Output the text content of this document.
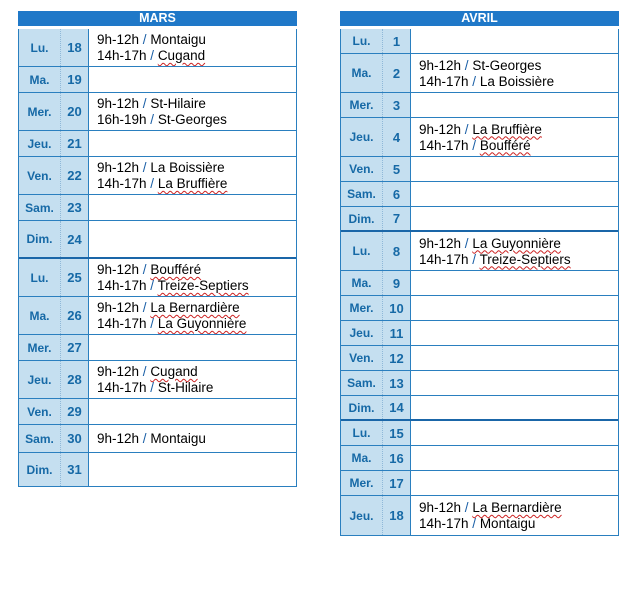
MARS
Lu.	18
9h-12h / Montaigu
14h-17h / Cugand
Ma.	19
Mer.	20
9h-12h / St-Hilaire
16h-19h / St-Georges
Jeu.	21
Ven.	22
9h-12h / La Boissière
14h-17h / La Bruffière
Sam.	23
Dim.	24
Lu.	25
9h-12h / Boufféré
14h-17h / Treize-Septiers
Ma.	26
9h-12h / La Bernardière
14h-17h / La Guyonnière
Mer.	27
Jeu.	28
9h-12h / Cugand
14h-17h / St-Hilaire
Ven.	29
Sam.	30	9h-12h / Montaigu
Dim.	31
AVRIL
Lu.	1
Ma.	2
9h-12h / St-Georges
14h-17h / La Boissière
Mer.	3
Jeu.	4
9h-12h / La Bruffière
14h-17h / Boufféré
Ven.	5
Sam.	6
Dim.	7
Lu.	8
9h-12h / La Guyonnière
14h-17h / Treize-Septiers
Ma.	9
Mer.	10
Jeu.	11
Ven.	12
Sam.	13
Dim.	14
Lu.	15
Ma.	16
Mer.	17
Jeu.	18
9h-12h / La Bernardière
14h-17h / Montaigu
